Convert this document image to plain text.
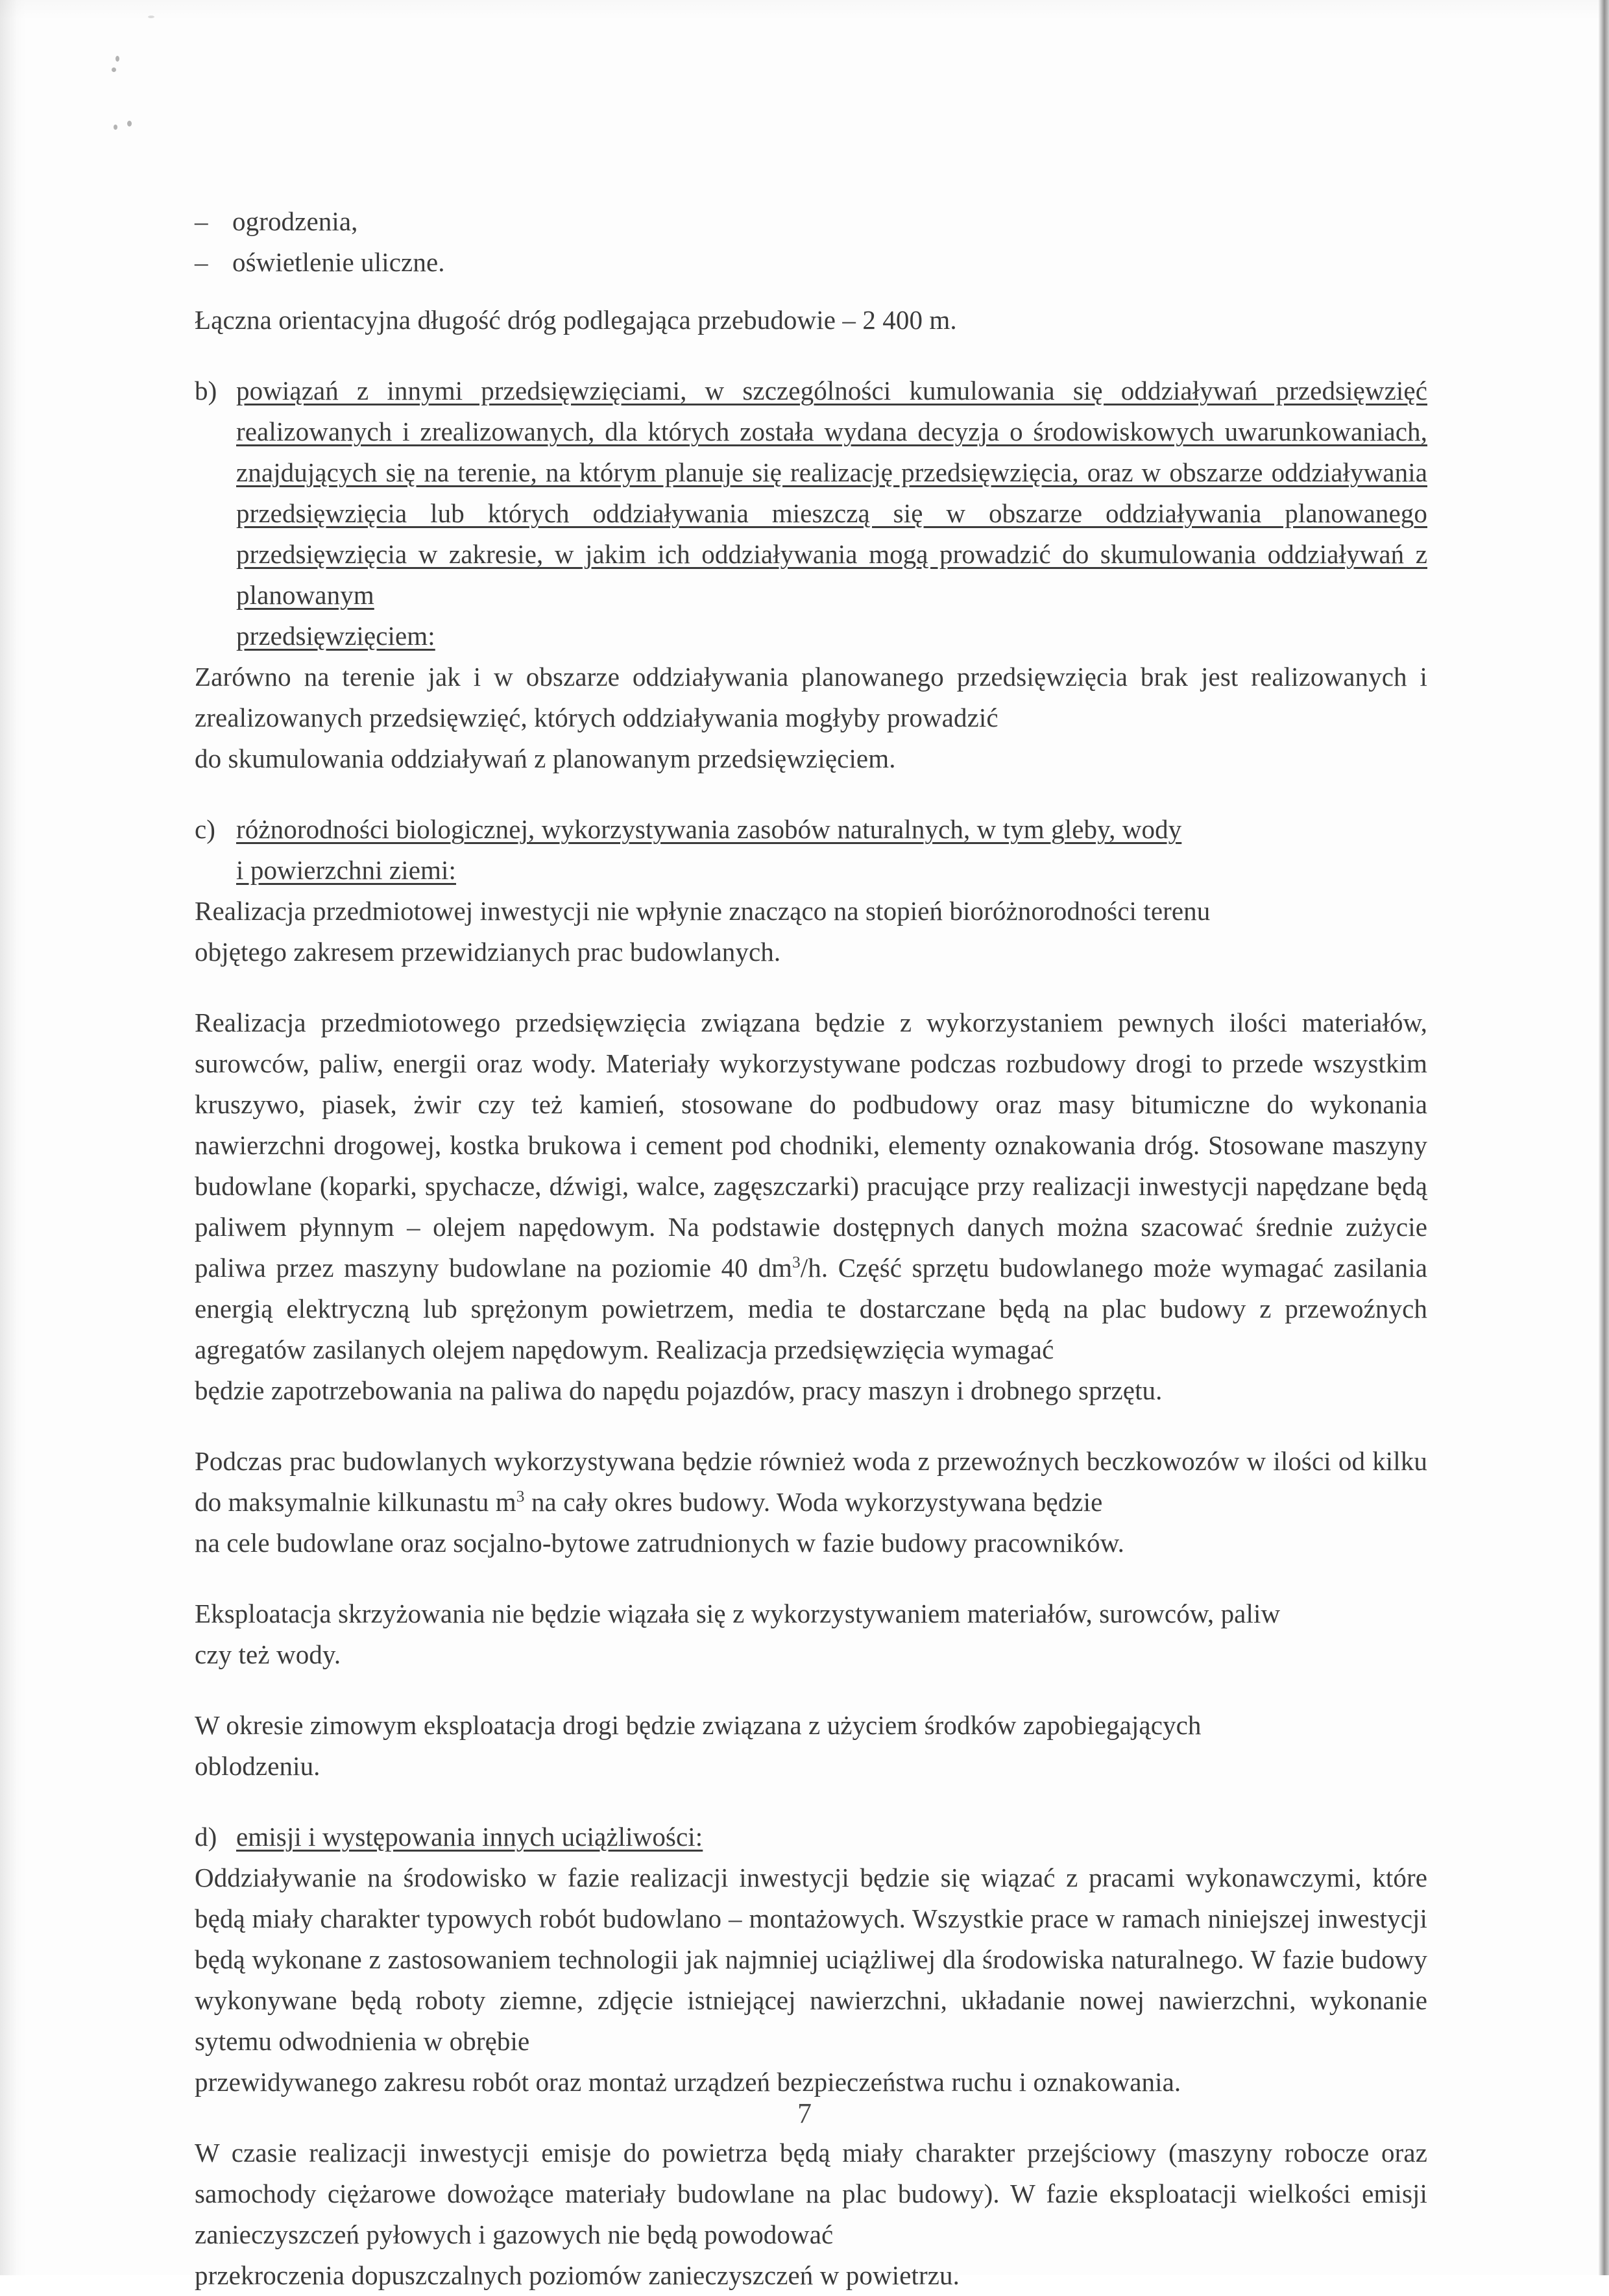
– ogrodzenia,
– oświetlenie uliczne.

Łączna orientacyjna długość dróg podlegająca przebudowie – 2 400 m.

b) powiązań z innymi przedsięwzięciami, w szczególności kumulowania się oddziaływań przedsięwzięć realizowanych i zrealizowanych, dla których została wydana decyzja o środowiskowych uwarunkowaniach, znajdujących się na terenie, na którym planuje się realizację przedsięwzięcia, oraz w obszarze oddziaływania przedsięwzięcia lub których oddziaływania mieszczą się w obszarze oddziaływania planowanego przedsięwzięcia w zakresie, w jakim ich oddziaływania mogą prowadzić do skumulowania oddziaływań z planowanym
przedsięwzięciem:

Zarówno na terenie jak i w obszarze oddziaływania planowanego przedsięwzięcia brak jest realizowanych i zrealizowanych przedsięwzięć, których oddziaływania mogłyby prowadzić

do skumulowania oddziaływań z planowanym przedsięwzięciem.

c) różnorodności biologicznej, wykorzystywania zasobów naturalnych, w tym gleby, wody
i powierzchni ziemi:

Realizacja przedmiotowej inwestycji nie wpłynie znacząco na stopień bioróżnorodności terenu

objętego zakresem przewidzianych prac budowlanych.

Realizacja przedmiotowego przedsięwzięcia związana będzie z wykorzystaniem pewnych ilości materiałów, surowców, paliw, energii oraz wody. Materiały wykorzystywane podczas rozbudowy drogi to przede wszystkim kruszywo, piasek, żwir czy też kamień, stosowane do podbudowy oraz masy bitumiczne do wykonania nawierzchni drogowej, kostka brukowa i cement pod chodniki, elementy oznakowania dróg. Stosowane maszyny budowlane (koparki, spychacze, dźwigi, walce, zagęszczarki) pracujące przy realizacji inwestycji napędzane będą paliwem płynnym – olejem napędowym. Na podstawie dostępnych danych można szacować średnie zużycie paliwa przez maszyny budowlane na poziomie 40 $dm^3/h$. Część sprzętu budowlanego może wymagać zasilania energią elektryczną lub sprężonym powietrzem, media te dostarczane będą na plac budowy z przewoźnych agregatów zasilanych olejem napędowym. Realizacja przedsięwzięcia wymagać

będzie zapotrzebowania na paliwa do napędu pojazdów, pracy maszyn i drobnego sprzętu.

Podczas prac budowlanych wykorzystywana będzie również woda z przewoźnych beczkowozów w ilości od kilku do maksymalnie kilkunastu $m^3$ na cały okres budowy. Woda wykorzystywana będzie

na cele budowlane oraz socjalno-bytowe zatrudnionych w fazie budowy pracowników.

Eksploatacja skrzyżowania nie będzie wiązała się z wykorzystywaniem materiałów, surowców, paliw

czy też wody.

W okresie zimowym eksploatacja drogi będzie związana z użyciem środków zapobiegających

oblodzeniu.

d) emisji i występowania innych uciążliwości:

Oddziaływanie na środowisko w fazie realizacji inwestycji będzie się wiązać z pracami wykonawczymi, które będą miały charakter typowych robót budowlano – montażowych. Wszystkie prace w ramach niniejszej inwestycji będą wykonane z zastosowaniem technologii jak najmniej uciążliwej dla środowiska naturalnego. W fazie budowy wykonywane będą roboty ziemne, zdjęcie istniejącej nawierzchni, układanie nowej nawierzchni, wykonanie sytemu odwodnienia w obrębie

przewidywanego zakresu robót oraz montaż urządzeń bezpieczeństwa ruchu i oznakowania.

W czasie realizacji inwestycji emisje do powietrza będą miały charakter przejściowy (maszyny robocze oraz samochody ciężarowe dowożące materiały budowlane na plac budowy). W fazie eksploatacji wielkości emisji zanieczyszczeń pyłowych i gazowych nie będą powodować

przekroczenia dopuszczalnych poziomów zanieczyszczeń w powietrzu.

7
